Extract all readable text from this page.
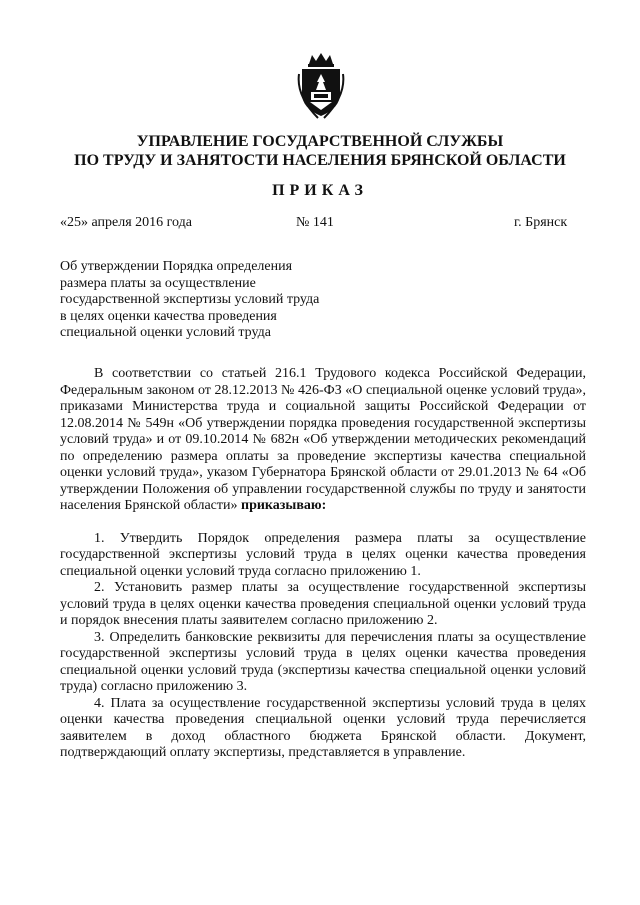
УПРАВЛЕНИЕ ГОСУДАРСТВЕННОЙ СЛУЖБЫ
ПО ТРУДУ И ЗАНЯТОСТИ НАСЕЛЕНИЯ БРЯНСКОЙ ОБЛАСТИ
ПРИКАЗ
«25» апреля 2016 года	№ 141	г. Брянск
Об утверждении Порядка определения
размера платы за осуществление
государственной экспертизы условий труда
в целях оценки качества проведения
специальной оценки условий труда

В соответствии со статьей 216.1 Трудового кодекса Российской Федерации, Федеральным законом от 28.12.2013 № 426-ФЗ «О специальной оценке условий труда», приказами Министерства труда и социальной защиты Российской Федерации от 12.08.2014 № 549н «Об утверждении порядка проведения государственной экспертизы условий труда» и от 09.10.2014 № 682н «Об утверждении методических рекомендаций по определению размера оплаты за проведение экспертизы качества специальной оценки условий труда», указом Губернатора Брянской области от 29.01.2013 № 64 «Об утверждении Положения об управлении государственной службы по труду и занятости населения Брянской области» приказываю:

1. Утвердить Порядок определения размера платы за осуществление государственной экспертизы условий труда в целях оценки качества проведения специальной оценки условий труда согласно приложению 1.

2. Установить размер платы за осуществление государственной экспертизы условий труда в целях оценки качества проведения специальной оценки условий труда и порядок внесения платы заявителем согласно приложению 2.

3. Определить банковские реквизиты для перечисления платы за осуществление государственной экспертизы условий труда в целях оценки качества проведения специальной оценки условий труда (экспертизы качества специальной оценки условий труда) согласно приложению 3.

4. Плата за осуществление государственной экспертизы условий труда в целях оценки качества проведения специальной оценки условий труда перечисляется заявителем в доход областного бюджета Брянской области. Документ, подтверждающий оплату экспертизы, представляется в управление.
